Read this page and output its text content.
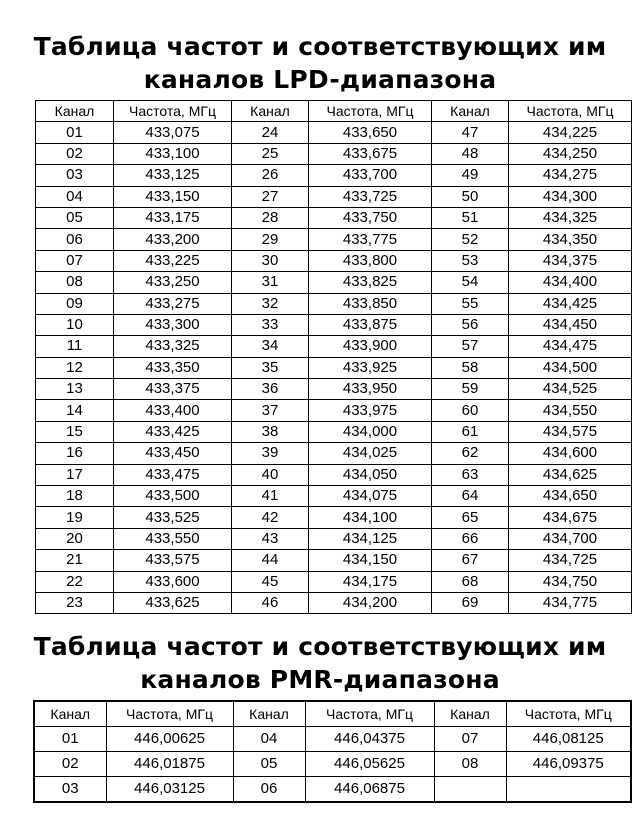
Таблица частот и соответствующих им
каналов LPD-диапазона
Канал	Частота, МГц	Канал	Частота, МГц	Канал	Частота, МГц
01	433,075	24	433,650	47	434,225
02	433,100	25	433,675	48	434,250
03	433,125	26	433,700	49	434,275
04	433,150	27	433,725	50	434,300
05	433,175	28	433,750	51	434,325
06	433,200	29	433,775	52	434,350
07	433,225	30	433,800	53	434,375
08	433,250	31	433,825	54	434,400
09	433,275	32	433,850	55	434,425
10	433,300	33	433,875	56	434,450
11	433,325	34	433,900	57	434,475
12	433,350	35	433,925	58	434,500
13	433,375	36	433,950	59	434,525
14	433,400	37	433,975	60	434,550
15	433,425	38	434,000	61	434,575
16	433,450	39	434,025	62	434,600
17	433,475	40	434,050	63	434,625
18	433,500	41	434,075	64	434,650
19	433,525	42	434,100	65	434,675
20	433,550	43	434,125	66	434,700
21	433,575	44	434,150	67	434,725
22	433,600	45	434,175	68	434,750
23	433,625	46	434,200	69	434,775
Таблица частот и соответствующих им
каналов PMR-диапазона
Канал	Частота, МГц	Канал	Частота, МГц	Канал	Частота, МГц
01	446,00625	04	446,04375	07	446,08125
02	446,01875	05	446,05625	08	446,09375
03	446,03125	06	446,06875		
